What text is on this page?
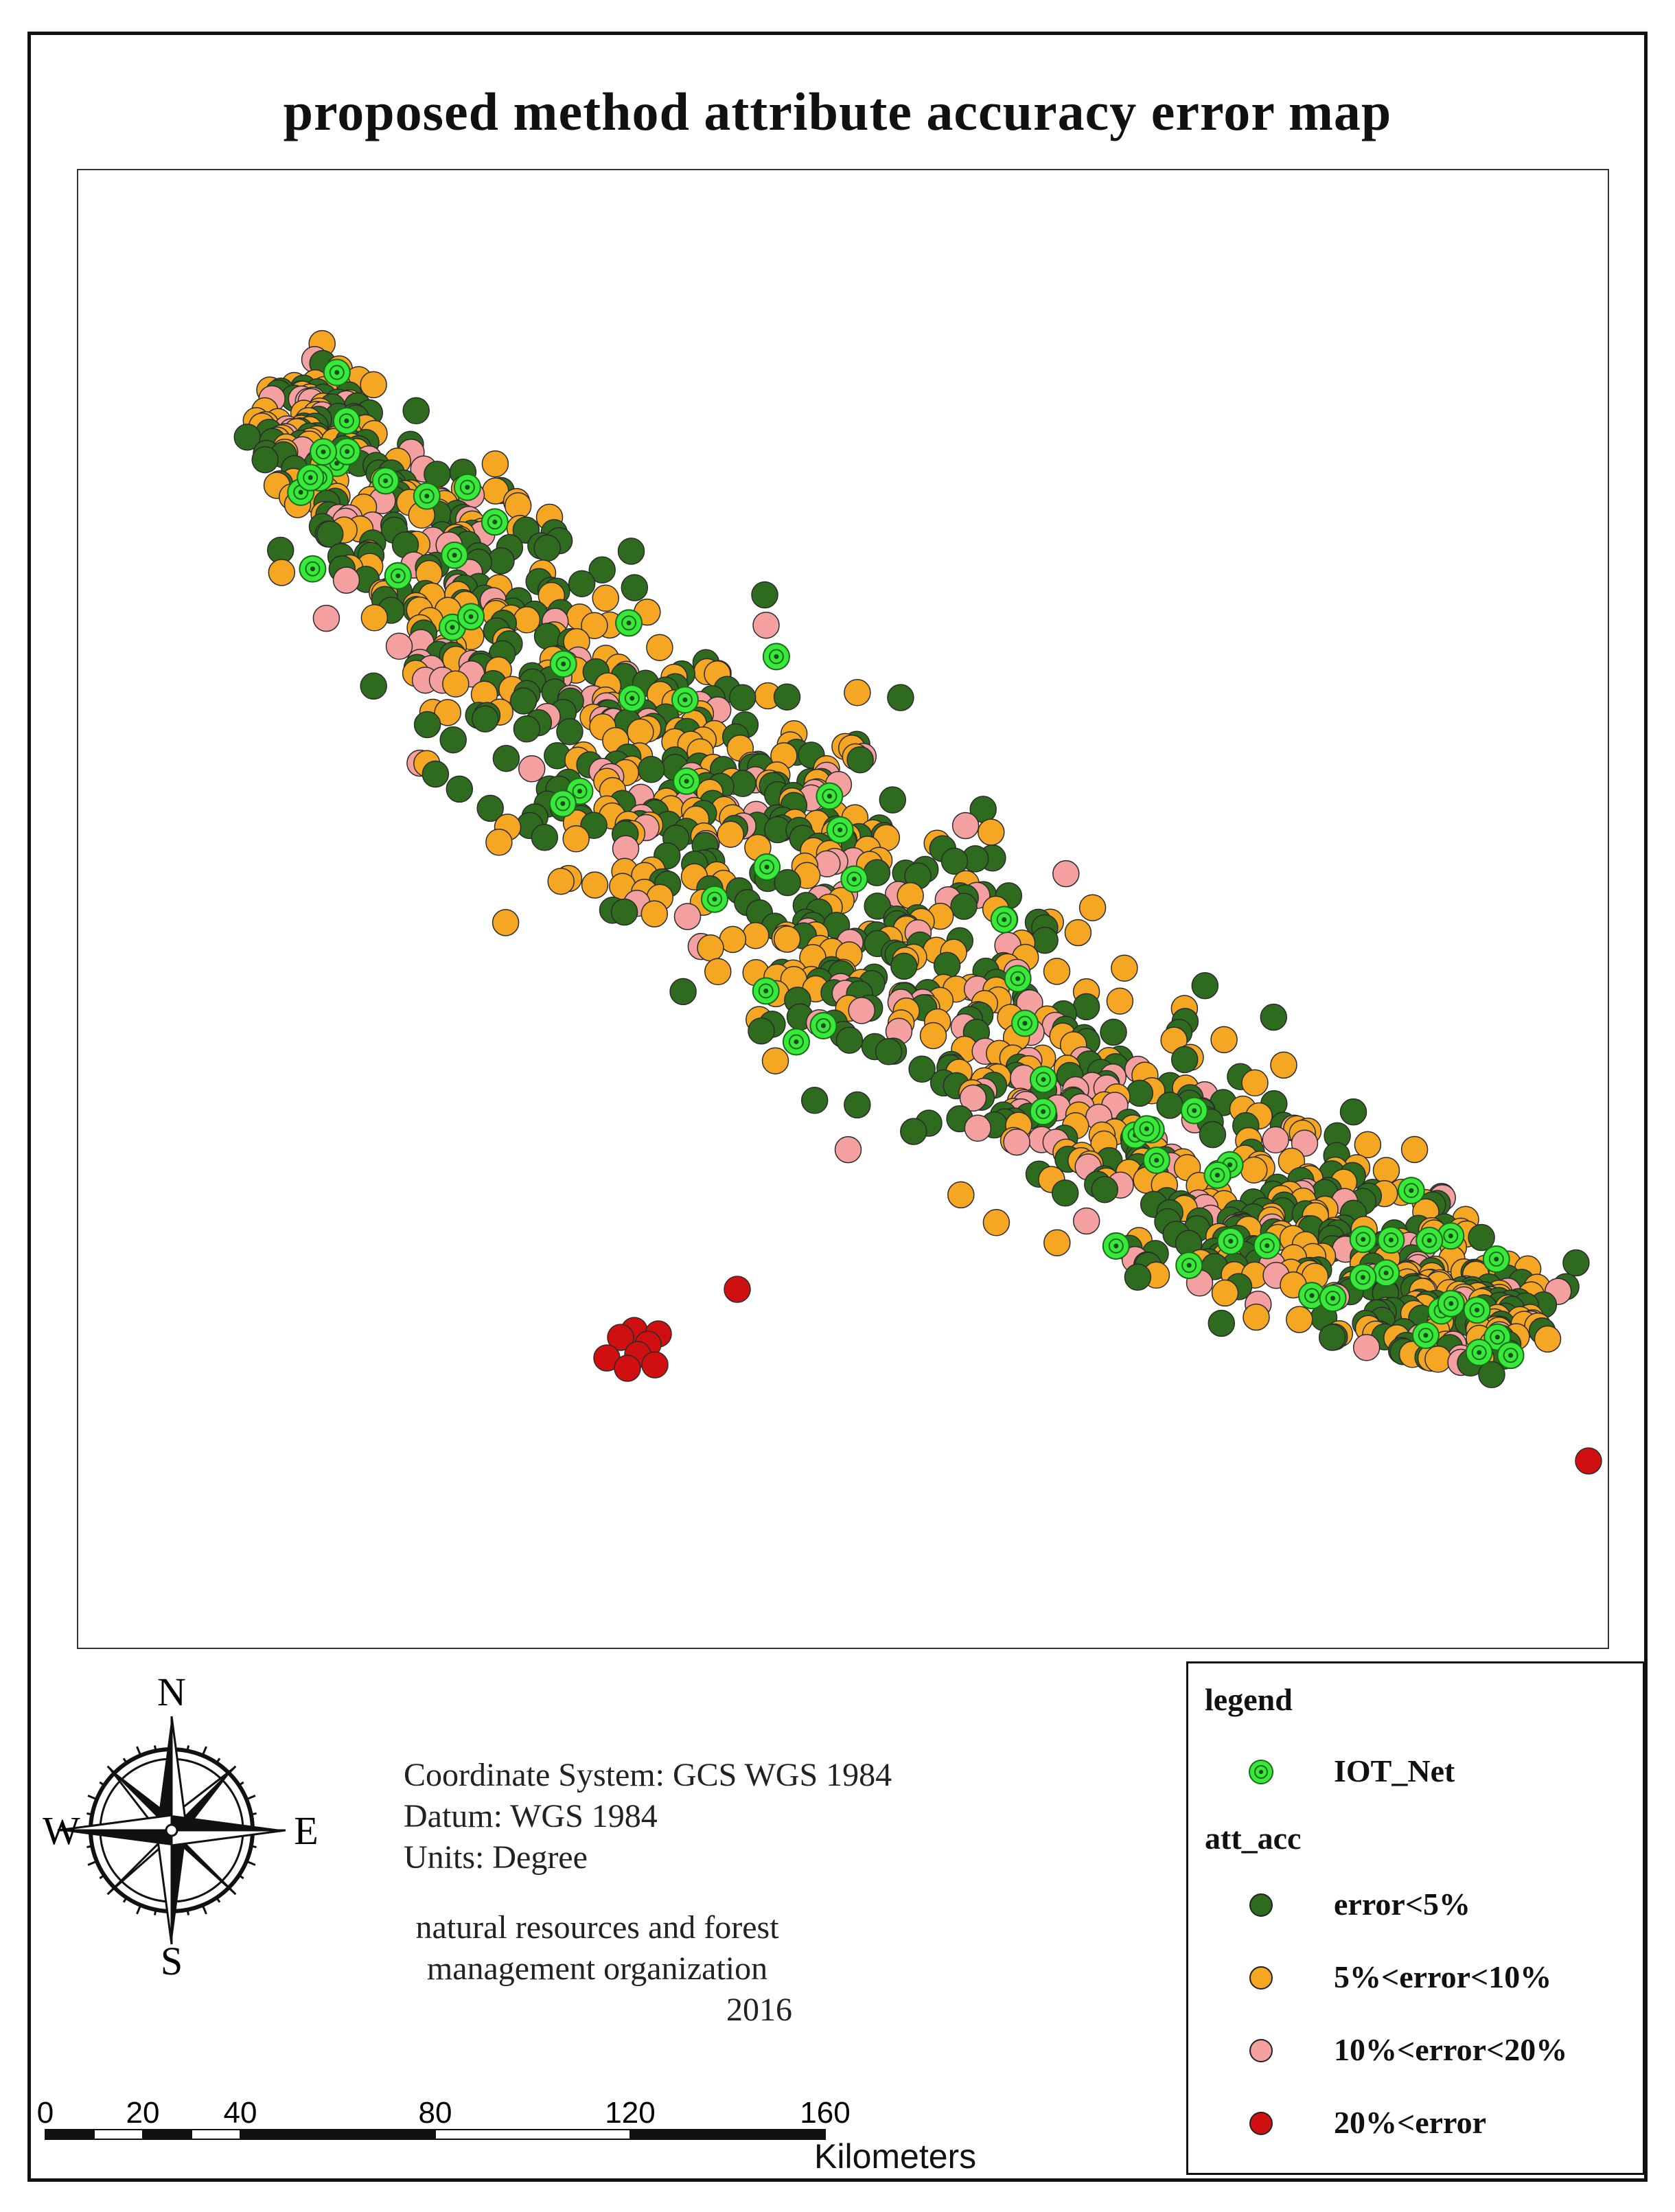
proposed method attribute accuracy error map
N
S
E
W
Coordinate System: GCS WGS 1984
Datum: WGS 1984
Units: Degree
natural resources and forest
management organization
2016
legend
IOT_Net
att_acc
error<5%
5%<error<10%
10%<error<20%
20%<error
0 20 40	80	120	160
Kilometers
